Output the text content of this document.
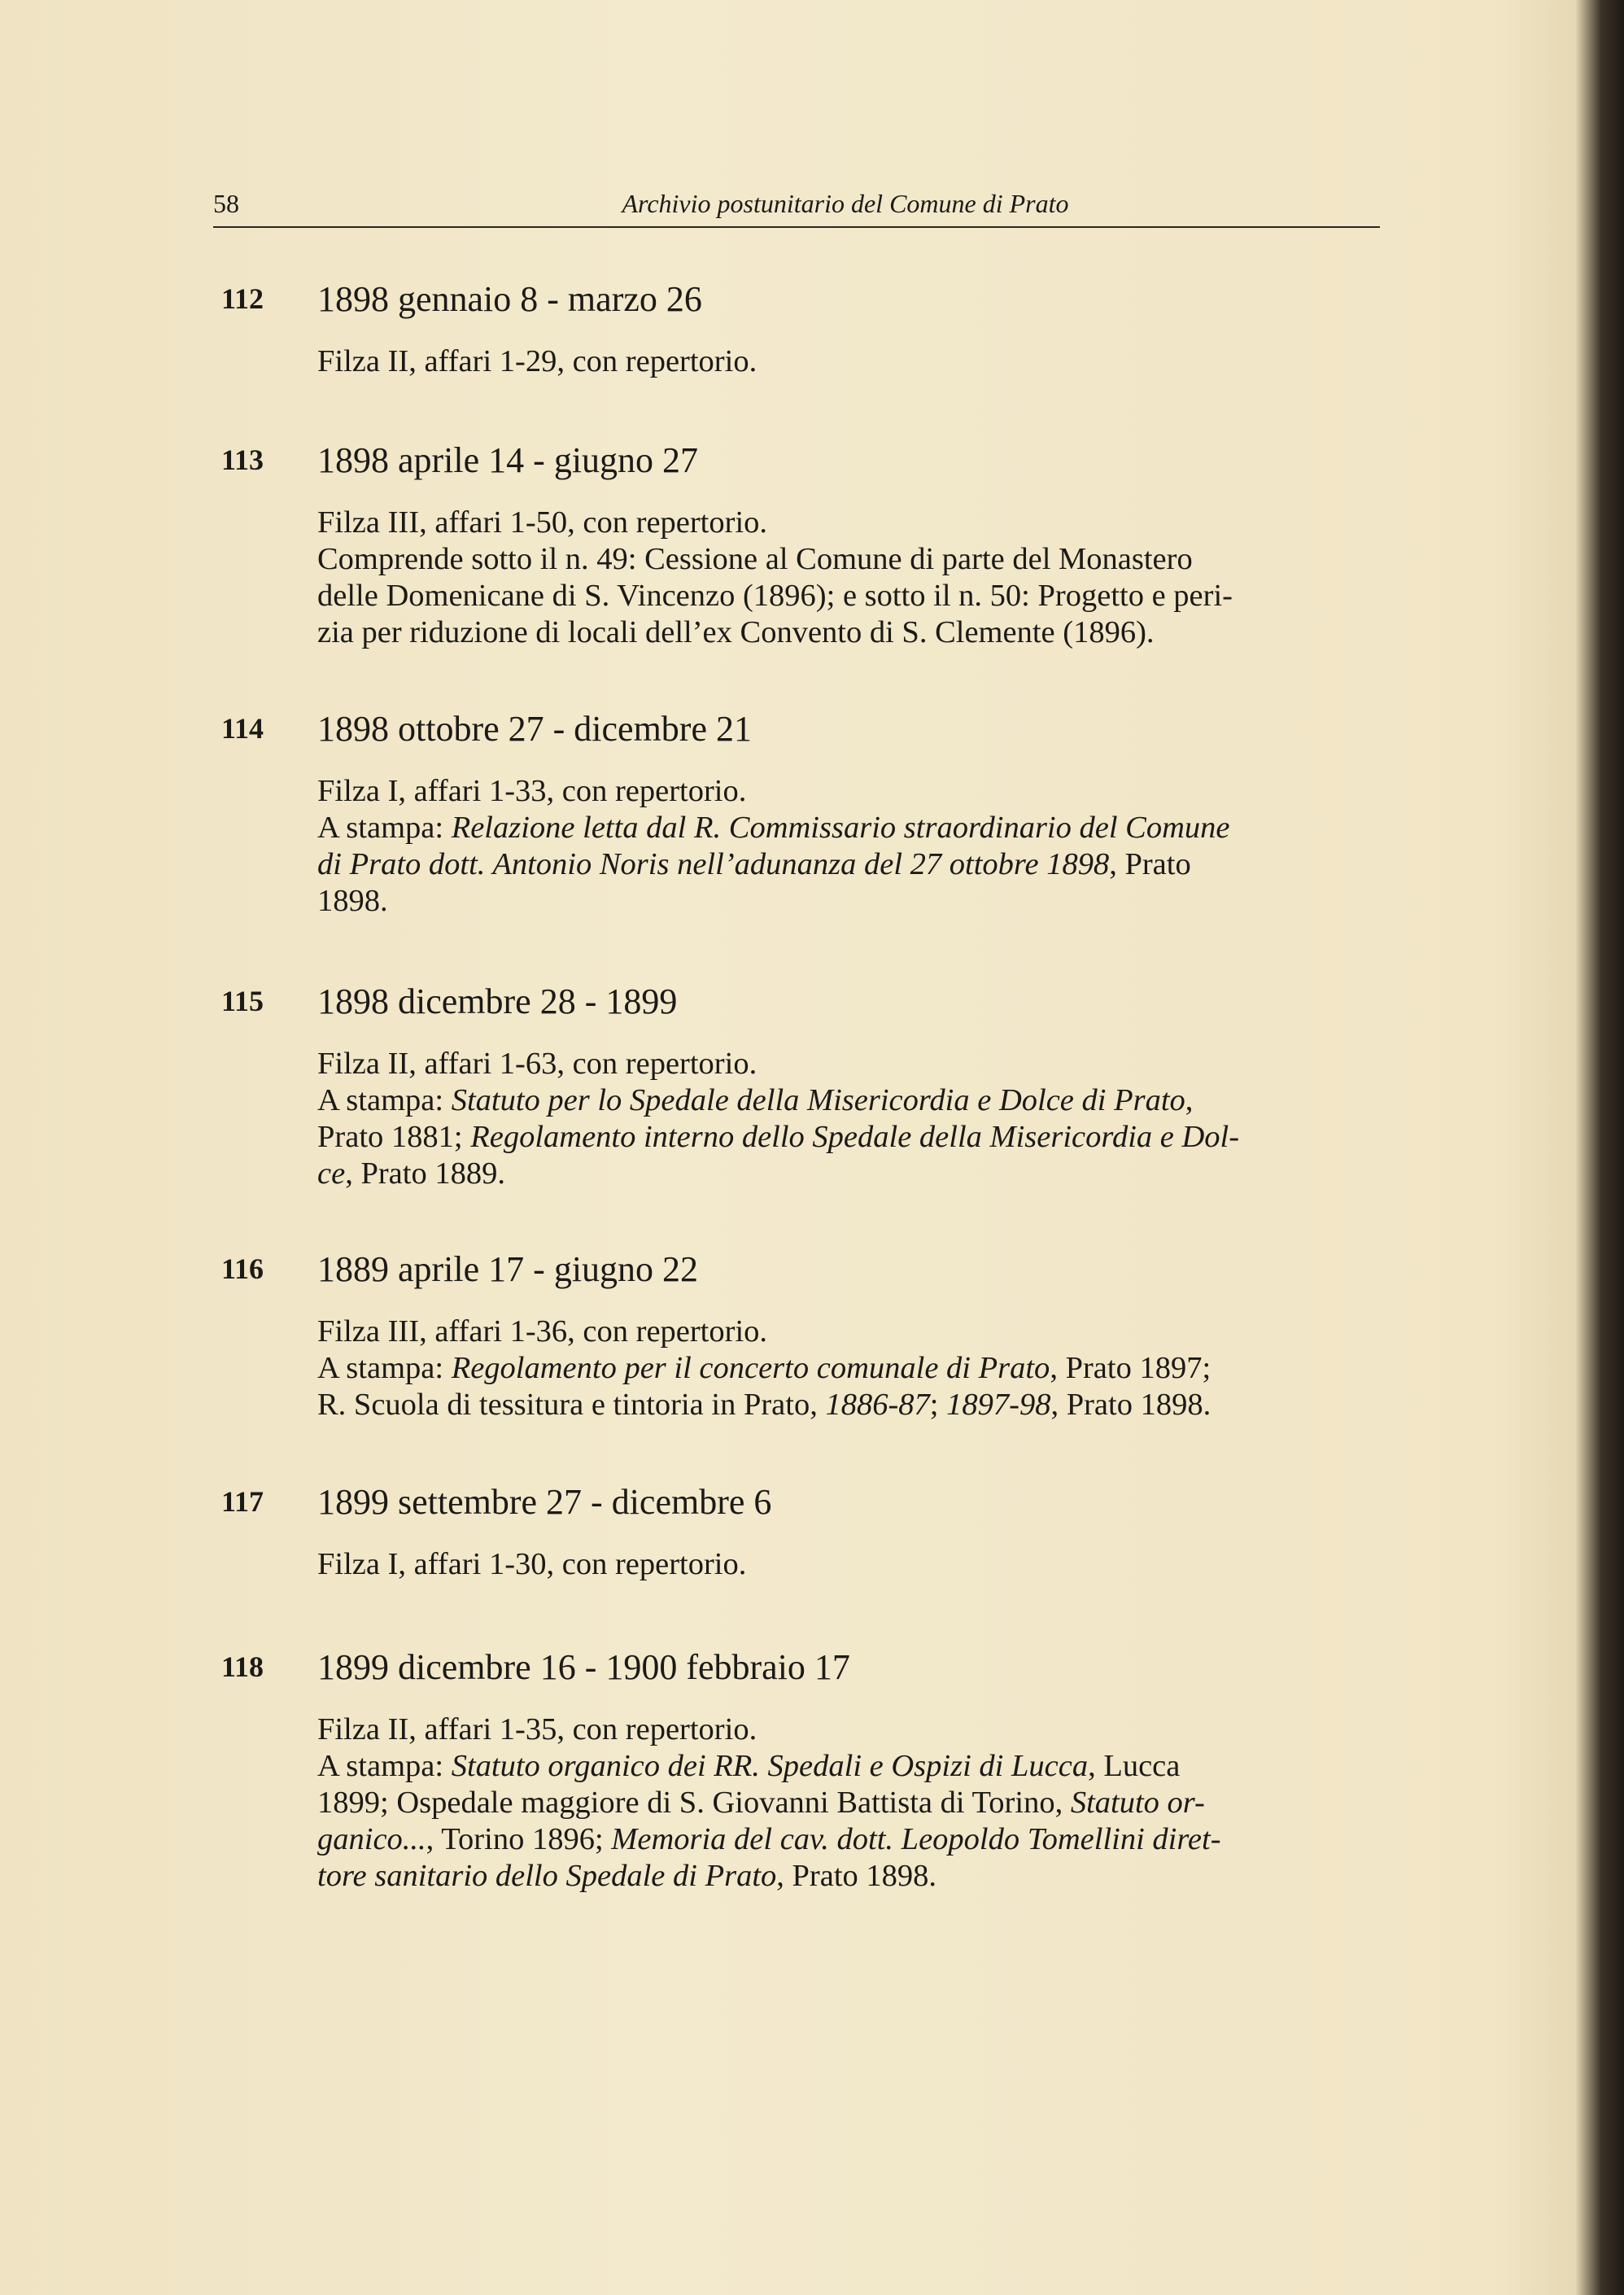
58	Archivio postunitario del Comune di Prato
112 1898 gennaio 8 - marzo 26
Filza II, affari 1-29, con repertorio.
113 1898 aprile 14 - giugno 27
Filza III, affari 1-50, con repertorio.
Comprende sotto il n. 49: Cessione al Comune di parte del Monastero
delle Domenicane di S. Vincenzo (1896); e sotto il n. 50: Progetto e peri-
zia per riduzione di locali dell’ex Convento di S. Clemente (1896).
114 1898 ottobre 27 - dicembre 21
Filza I, affari 1-33, con repertorio.
A stampa: Relazione letta dal R. Commissario straordinario del Comune
di Prato dott. Antonio Noris nell’adunanza del 27 ottobre 1898, Prato
1898.
115 1898 dicembre 28 - 1899
Filza II, affari 1-63, con repertorio.
A stampa: Statuto per lo Spedale della Misericordia e Dolce di Prato,
Prato 1881; Regolamento interno dello Spedale della Misericordia e Dol-
ce, Prato 1889.
116 1889 aprile 17 - giugno 22
Filza III, affari 1-36, con repertorio.
A stampa: Regolamento per il concerto comunale di Prato, Prato 1897;
R. Scuola di tessitura e tintoria in Prato, 1886-87; 1897-98, Prato 1898.
117 1899 settembre 27 - dicembre 6
Filza I, affari 1-30, con repertorio.
118 1899 dicembre 16 - 1900 febbraio 17
Filza II, affari 1-35, con repertorio.
A stampa: Statuto organico dei RR. Spedali e Ospizi di Lucca, Lucca
1899; Ospedale maggiore di S. Giovanni Battista di Torino, Statuto or-
ganico..., Torino 1896; Memoria del cav. dott. Leopoldo Tomellini diret-
tore sanitario dello Spedale di Prato, Prato 1898.
